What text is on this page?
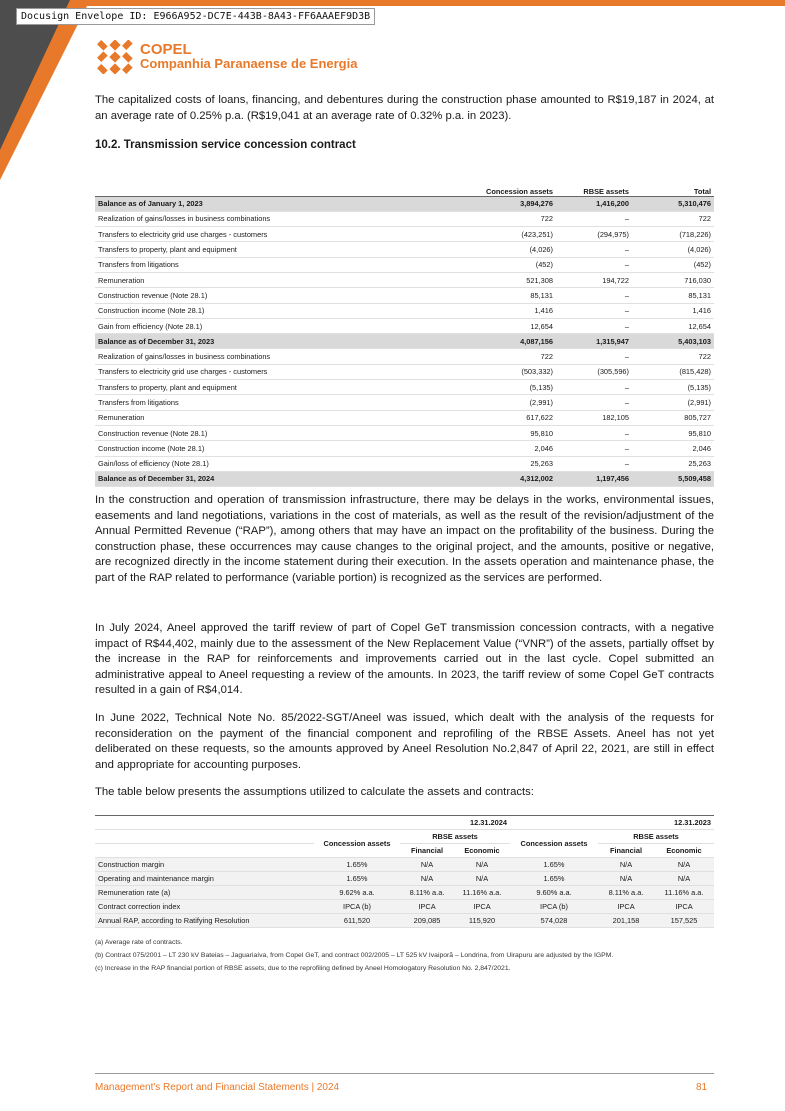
Docusign Envelope ID: E966A952-DC7E-443B-8A43-FF6AAAEF9D3B
COPEL
Companhia Paranaense de Energia

The capitalized costs of loans, financing, and debentures during the construction phase amounted to R$19,187 in 2024, at an average rate of 0.25% p.a. (R$19,041 at an average rate of 0.32% p.a. in 2023).

10.2. Transmission service concession contract
	Concession assets	RBSE assets	Total
Balance as of January 1, 2023	3,894,276	1,416,200	5,310,476
Realization of gains/losses in business combinations	722	–	722
Transfers to electricity grid use charges - customers	(423,251)	(294,975)	(718,226)
Transfers to property, plant and equipment	(4,026)	–	(4,026)
Transfers from litigations	(452)	–	(452)
Remuneration	521,308	194,722	716,030
Construction revenue (Note 28.1)	85,131	–	85,131
Construction income (Note 28.1)	1,416	–	1,416
Gain from efficiency (Note 28.1)	12,654	–	12,654
Balance as of December 31, 2023	4,087,156	1,315,947	5,403,103
Realization of gains/losses in business combinations	722	–	722
Transfers to electricity grid use charges - customers	(503,332)	(305,596)	(815,428)
Transfers to property, plant and equipment	(5,135)	–	(5,135)
Transfers from litigations	(2,991)	–	(2,991)
Remuneration	617,622	182,105	805,727
Construction revenue (Note 28.1)	95,810	–	95,810
Construction income (Note 28.1)	2,046	–	2,046
Gain/loss of efficiency (Note 28.1)	25,263	–	25,263
Balance as of December 31, 2024	4,312,002	1,197,456	5,509,458

In the construction and operation of transmission infrastructure, there may be delays in the works, environmental issues, easements and land negotiations, variations in the cost of materials, as well as the result of the revision/adjustment of the Annual Permitted Revenue (“RAP”), among others that may have an impact on the profitability of the business. During the construction phase, these occurrences may cause changes to the original project, and the amounts, positive or negative, are recognized directly in the income statement during their execution. In the assets operation and maintenance phase, the part of the RAP related to performance (variable portion) is recognized as the services are performed.

In July 2024, Aneel approved the tariff review of part of Copel GeT transmission concession contracts, with a negative impact of R$44,402, mainly due to the assessment of the New Replacement Value (“VNR”) of the assets, partially offset by the increase in the RAP for reinforcements and improvements carried out in the last cycle. Copel submitted an administrative appeal to Aneel requesting a review of the amounts. In 2023, the tariff review of some Copel GeT contracts resulted in a gain of R$4,014.

In June 2022, Technical Note No. 85/2022-SGT/Aneel was issued, which dealt with the analysis of the requests for reconsideration on the payment of the financial component and reprofiling of the RBSE Assets. Aneel has not yet deliberated on these requests, so the amounts approved by Aneel Resolution No.2,847 of April 22, 2021, are still in effect and appropriate for accounting purposes.

The table below presents the assumptions utilized to calculate the assets and contracts:

	12.31.2024			12.31.2023		
	Concession assets	RBSE assets		Concession assets	RBSE assets	
		Financial	Economic		Financial	Economic
Construction margin	1.65%	N/A	N/A	1.65%	N/A	N/A
Operating and maintenance margin	1.65%	N/A	N/A	1.65%	N/A	N/A
Remuneration rate (a)	9.62% a.a.	8.11% a.a.	11.16% a.a.	9.60% a.a.	8.11% a.a.	11.16% a.a.
Contract correction index	IPCA (b)	IPCA	IPCA	IPCA (b)	IPCA	IPCA
Annual RAP, according to Ratifying Resolution	611,520	209,085	115,920	574,028	201,158	157,525
(a) Average rate of contracts.
(b) Contract 075/2001 – LT 230 kV Bateias – Jaguariaíva, from Copel GeT, and contract 002/2005 – LT 525 kV Ivaiporã – Londrina, from Uirapuru are adjusted by the IGPM.
(c) Increase in the RAP financial portion of RBSE assets, due to the reprofiling defined by Aneel Homologatory Resolution No. 2,847/2021.
Management's Report and Financial Statements | 2024	81
